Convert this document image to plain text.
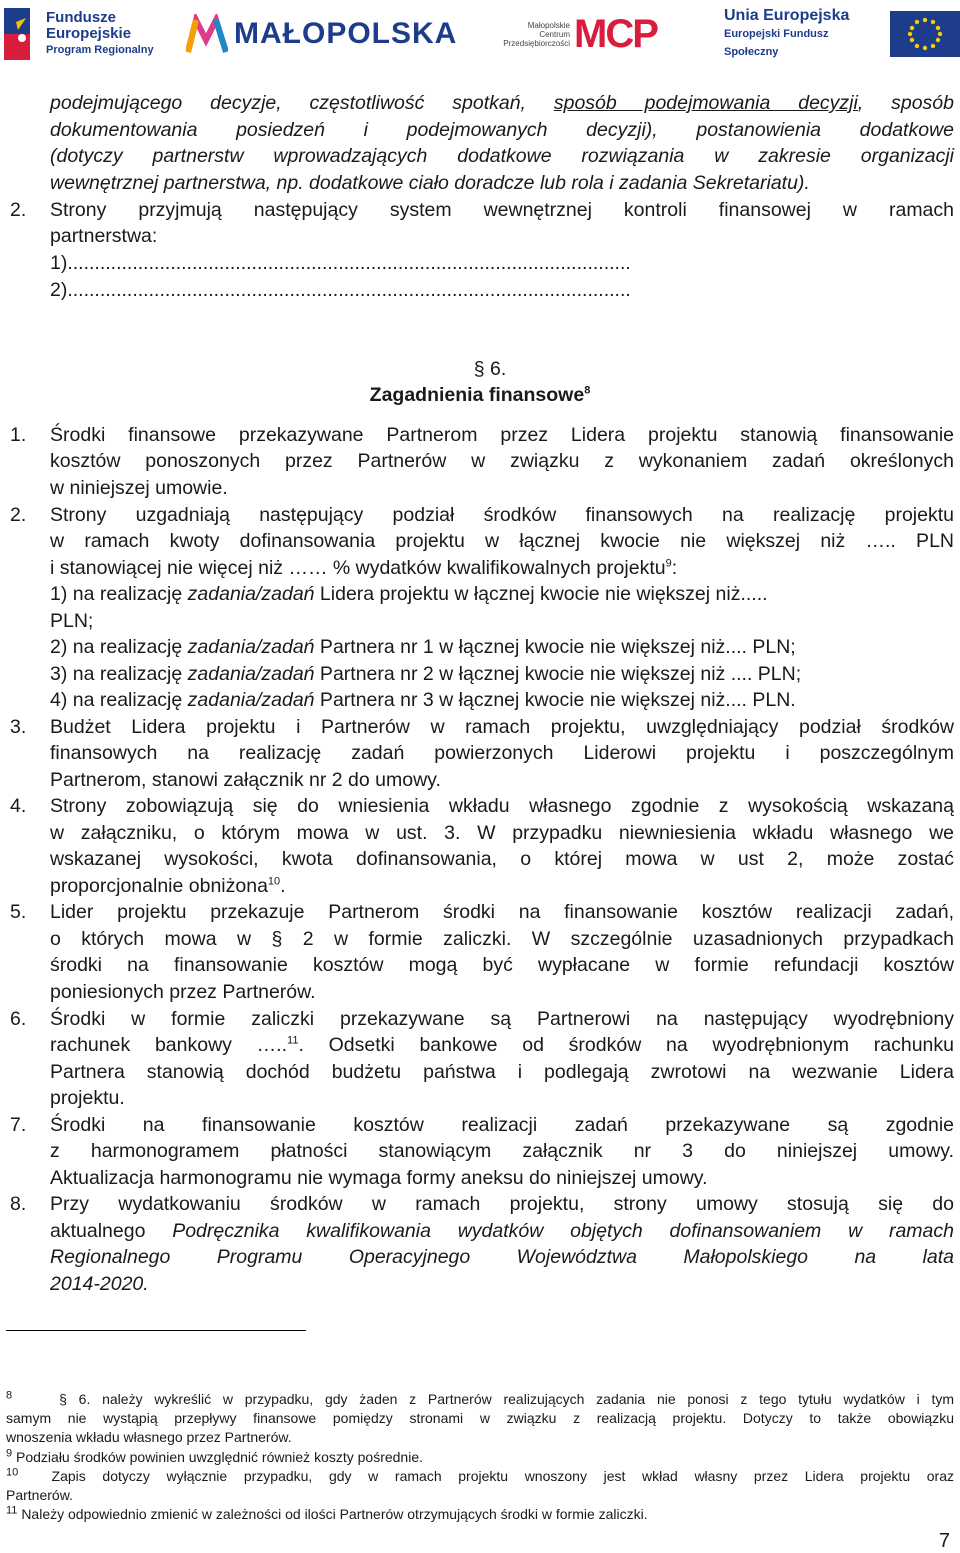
Fundusze
Europejskie
Program Regionalny	MAŁOPOLSKA	Małopolskie Centrum Przedsiębiorczości MCP	Unia Europejska
Europejski Fundusz Społeczny
podejmującego decyzje, częstotliwość spotkań, sposób podejmowania decyzji, sposób
dokumentowania posiedzeń i podejmowanych decyzji), postanowienia dodatkowe
(dotyczy partnerstw wprowadzających dodatkowe rozwiązania w zakresie organizacji
wewnętrznej partnerstwa, np. dodatkowe ciało doradcze lub rola i zadania Sekretariatu).
2.	Strony przyjmują następujący system wewnętrznej kontroli finansowej w ramach
partnerstwa:
1)........................................................................................................
2)........................................................................................................
§ 6.
Zagadnienia finansowe$^8$
1.	Środki finansowe przekazywane Partnerom przez Lidera projektu stanowią finansowanie
kosztów ponoszonych przez Partnerów w związku z wykonaniem zadań określonych
w niniejszej umowie.
2.	Strony uzgadniają następujący podział środków finansowych na realizację projektu
w ramach kwoty dofinansowania projektu w łącznej kwocie nie większej niż ….. PLN
i stanowiącej nie więcej niż …… % wydatków kwalifikowalnych projektu$^9$:
1) na realizację zadania/zadań Lidera projektu w łącznej kwocie nie większej niż.....
PLN;
2) na realizację zadania/zadań Partnera nr 1 w łącznej kwocie nie większej niż.... PLN;
3) na realizację zadania/zadań Partnera nr 2 w łącznej kwocie nie większej niż .... PLN;
4) na realizację zadania/zadań Partnera nr 3 w łącznej kwocie nie większej niż.... PLN.
3.	Budżet Lidera projektu i Partnerów w ramach projektu, uwzględniający podział środków
finansowych na realizację zadań powierzonych Liderowi projektu i poszczególnym
Partnerom, stanowi załącznik nr 2 do umowy.
4.	Strony zobowiązują się do wniesienia wkładu własnego zgodnie z wysokością wskazaną
w załączniku, o którym mowa w ust. 3. W przypadku niewniesienia wkładu własnego we
wskazanej wysokości, kwota dofinansowania, o której mowa w ust 2, może zostać
proporcjonalnie obniżona$^{10}$.
5.	Lider projektu przekazuje Partnerom środki na finansowanie kosztów realizacji zadań,
o których mowa w § 2 w formie zaliczki. W szczególnie uzasadnionych przypadkach
środki na finansowanie kosztów mogą być wypłacane w formie refundacji kosztów
poniesionych przez Partnerów.
6.	Środki w formie zaliczki przekazywane są Partnerowi na następujący wyodrębniony
rachunek bankowy …..$^{11}$. Odsetki bankowe od środków na wyodrębnionym rachunku
Partnera stanowią dochód budżetu państwa i podlegają zwrotowi na wezwanie Lidera
projektu.
7.	Środki na finansowanie kosztów realizacji zadań przekazywane są zgodnie
z harmonogramem płatności stanowiącym załącznik nr 3 do niniejszej umowy.
Aktualizacja harmonogramu nie wymaga formy aneksu do niniejszej umowy.
8.	Przy wydatkowaniu środków w ramach projektu, strony umowy stosują się do
aktualnego Podręcznika kwalifikowania wydatków objętych dofinansowaniem w ramach
Regionalnego Programu Operacyjnego Województwa Małopolskiego na lata
2014-2020.
$^8$	§ 6. należy wykreślić w przypadku, gdy żaden z Partnerów realizujących zadania nie ponosi z tego tytułu wydatków i tym
samym nie wystąpią przepływy finansowe pomiędzy stronami w związku z realizacją projektu. Dotyczy to także obowiązku
wnoszenia wkładu własnego przez Partnerów.
$^9$ Podziału środków powinien uwzględnić również koszty pośrednie.
$^{10}$ Zapis dotyczy wyłącznie przypadku, gdy w ramach projektu wnoszony jest wkład własny przez Lidera projektu oraz
Partnerów.
$^{11}$ Należy odpowiednio zmienić w zależności od ilości Partnerów otrzymujących środki w formie zaliczki.
7
